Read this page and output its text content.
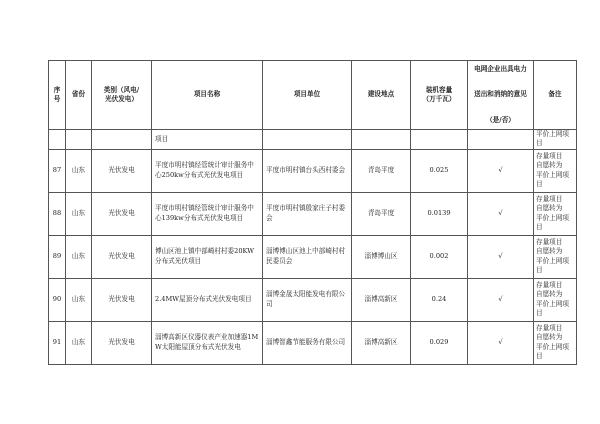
序号	省份	类别（风电/
光伏发电）	项目名称	项目单位	建设地点	装机容量
（万千瓦）	电网企业出具电力
送出和消纳的意见
（是/否）	备注
			项目					平价上网项目
87	山东	光伏发电	平度市明村镇经管统计审计服务中心250kw分布式光伏发电项目	平度市明村镇台头西村委会	青岛平度	0.025	√	存量项目
自愿转为
平价上网项目

88	山东	光伏发电	平度市明村镇经管统计审计服务中心139kw分布式光伏发电项目	平度市明村镇殷家庄子村委会	青岛平度	0.0139	√	存量项目
自愿转为
平价上网项目

89	山东	光伏发电	博山区池上镇中部崎村村委20KW分布式光伏项目	淄博博山区池上中部崎村村民委员会	淄博博山区	0.002	√	存量项目
自愿转为
平价上网项目

90	山东	光伏发电	2.4MW屋顶分布式光伏发电项目	淄博金晟太阳能发电有限公司	淄博高新区	0.24	√	存量项目
自愿转为
平价上网项目

91	山东	光伏发电	淄博高新区仪器仪表产业加速器1MW太阳能屋顶分布式光伏发电	淄博智鑫节能服务有限公司	淄博高新区	0.029	√	存量项目
自愿转为
平价上网项目
